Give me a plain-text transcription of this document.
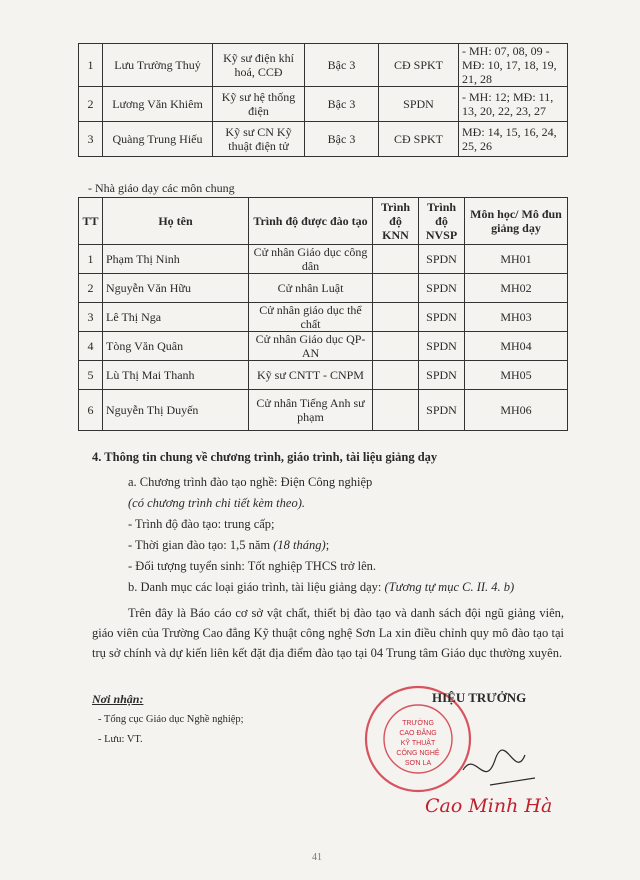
1	Lưu Trường Thuỷ	Kỹ sư điện khí hoá, CCĐ	Bậc 3	CĐ SPKT	- MH: 07, 08, 09 - MĐ: 10, 17, 18, 19, 21, 28
2	Lương Văn Khiêm	Kỹ sư hệ thống điện	Bậc 3	SPDN	- MH: 12; MĐ: 11, 13, 20, 22, 23, 27
3	Quàng Trung Hiếu	Kỹ sư CN Kỹ thuật điện tử	Bậc 3	CĐ SPKT	MĐ: 14, 15, 16, 24, 25, 26
- Nhà giáo dạy các môn chung
TT	Họ tên	Trình độ được đào tạo	Trình độ KNN	Trình độ NVSP	Môn học/ Mô đun giảng dạy
1	Phạm Thị Ninh	Cử nhân Giáo dục công dân		SPDN	MH01
2	Nguyễn Văn Hữu	Cử nhân Luật		SPDN	MH02
3	Lê Thị Nga	Cử nhân giáo dục thể chất		SPDN	MH03
4	Tòng Văn Quân	Cử nhân Giáo dục QP-AN		SPDN	MH04
5	Lù Thị Mai Thanh	Kỹ sư CNTT - CNPM		SPDN	MH05
6	Nguyễn Thị Duyến	Cử nhân Tiếng Anh sư phạm		SPDN	MH06
4. Thông tin chung về chương trình, giáo trình, tài liệu giảng dạy
a. Chương trình đào tạo nghề: Điện Công nghiệp
(có chương trình chi tiết kèm theo).
- Trình độ đào tạo: trung cấp;
- Thời gian đào tạo: 1,5 năm (18 tháng);
- Đối tượng tuyển sinh: Tốt nghiệp THCS trở lên.
b. Danh mục các loại giáo trình, tài liệu giảng dạy: (Tương tự mục C. II. 4. b)
Trên đây là Báo cáo cơ sở vật chất, thiết bị đào tạo và danh sách đội ngũ giảng viên, giáo viên của Trường Cao đẳng Kỹ thuật công nghệ Sơn La xin điều chỉnh quy mô đào tạo tại trụ sở chính và dự kiến liên kết đặt địa điểm đào tạo tại 04 Trung tâm Giáo dục thường xuyên.
Nơi nhận:
- Tổng cục Giáo dục Nghề nghiệp;
- Lưu: VT.
TRƯỜNG
CAO ĐẲNG
KỸ THUẬT
CÔNG NGHỆ
SƠN LA
HIỆU TRƯỞNG
Cao Minh Hà
41
